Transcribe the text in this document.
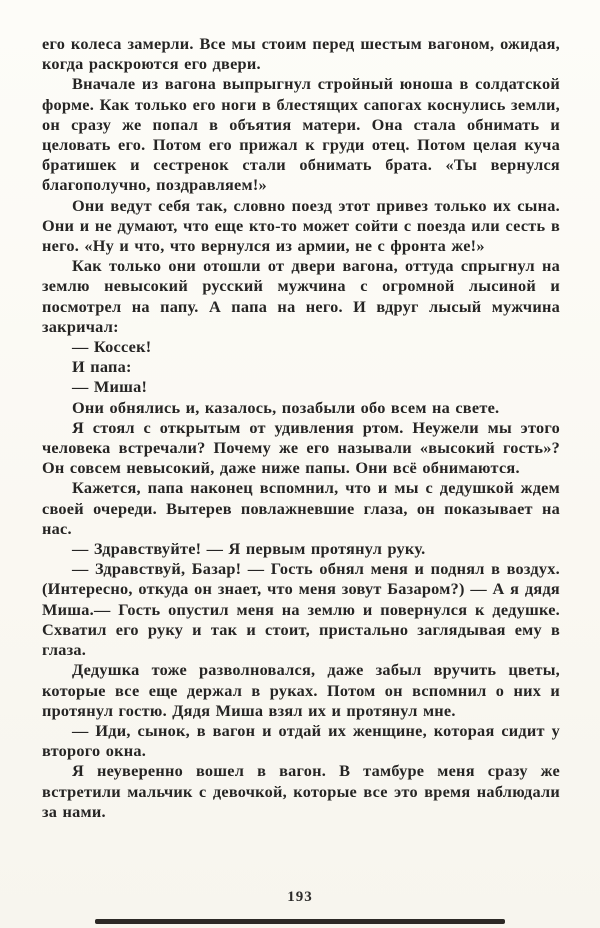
его колеса замерли. Все мы стоим перед шестым вагоном, ожидая, когда раскроются его двери.

Вначале из вагона выпрыгнул стройный юноша в солдатской форме. Как только его ноги в блестящих сапогах коснулись земли, он сразу же попал в объятия матери. Она стала обнимать и целовать его. Потом его прижал к груди отец. Потом целая куча братишек и сестренок стали обнимать брата. «Ты вернулся благополучно, поздравляем!»

Они ведут себя так, словно поезд этот привез только их сына. Они и не думают, что еще кто-то может сойти с поезда или сесть в него. «Ну и что, что вернулся из армии, не с фронта же!»

Как только они отошли от двери вагона, оттуда спрыгнул на землю невысокий русский мужчина с огромной лысиной и посмотрел на папу. А папа на него. И вдруг лысый мужчина закричал:

— Коссек!

И папа:

— Миша!

Они обнялись и, казалось, позабыли обо всем на свете.

Я стоял с открытым от удивления ртом. Неужели мы этого человека встречали? Почему же его называли «высокий гость»? Он совсем невысокий, даже ниже папы. Они всё обнимаются.

Кажется, папа наконец вспомнил, что и мы с дедушкой ждем своей очереди. Вытерев повлажневшие глаза, он показывает на нас.

— Здравствуйте! — Я первым протянул руку.

— Здравствуй, Базар! — Гость обнял меня и поднял в воздух. (Интересно, откуда он знает, что меня зовут Базаром?) — А я дядя Миша.— Гость опустил меня на землю и повернулся к дедушке. Схватил его руку и так и стоит, пристально заглядывая ему в глаза.

Дедушка тоже разволновался, даже забыл вручить цветы, которые все еще держал в руках. Потом он вспомнил о них и протянул гостю. Дядя Миша взял их и протянул мне.

— Иди, сынок, в вагон и отдай их женщине, которая сидит у второго окна.

Я неуверенно вошел в вагон. В тамбуре меня сразу же встретили мальчик с девочкой, которые все это время наблюдали за нами.

193
